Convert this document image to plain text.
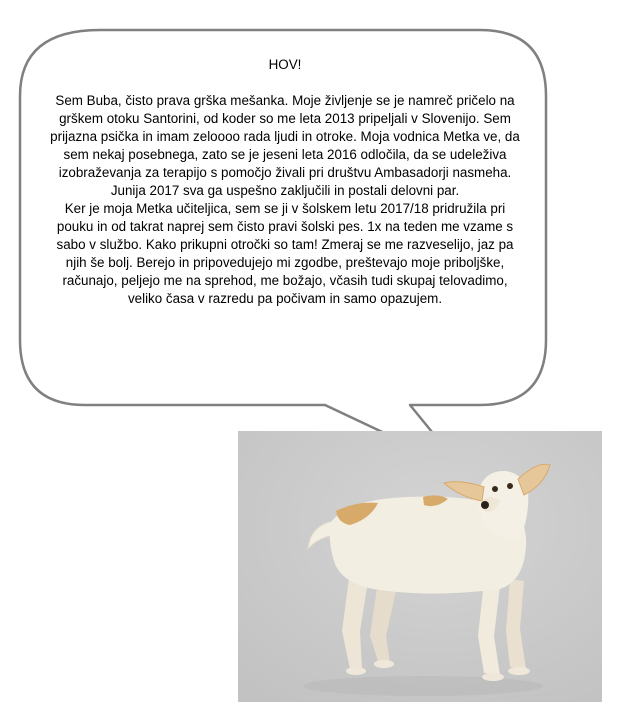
HOV!

Sem Buba, čisto prava grška mešanka. Moje življenje se je namreč pričelo na grškem otoku Santorini, od koder so me leta 2013 pripeljali v Slovenijo. Sem prijazna psička in imam zeloooo rada ljudi in otroke. Moja vodnica Metka ve, da sem nekaj posebnega, zato se je jeseni leta 2016 odločila, da se udeleživa izobraževanja za terapijo s pomočjo živali pri društvu Ambasadorji nasmeha. Junija 2017 sva ga uspešno zaključili in postali delovni par.

Ker je moja Metka učiteljica, sem se ji v šolskem letu 2017/18 pridružila pri pouku in od takrat naprej sem čisto pravi šolski pes. 1x na teden me vzame s sabo v službo. Kako prikupni otročki so tam! Zmeraj se me razveselijo, jaz pa njih še bolj. Berejo in pripovedujejo mi zgodbe, preštevajo moje priboljške, računajo, peljejo me na sprehod, me božajo, včasih tudi skupaj telovadimo, veliko časa v razredu pa počivam in samo opazujem.
